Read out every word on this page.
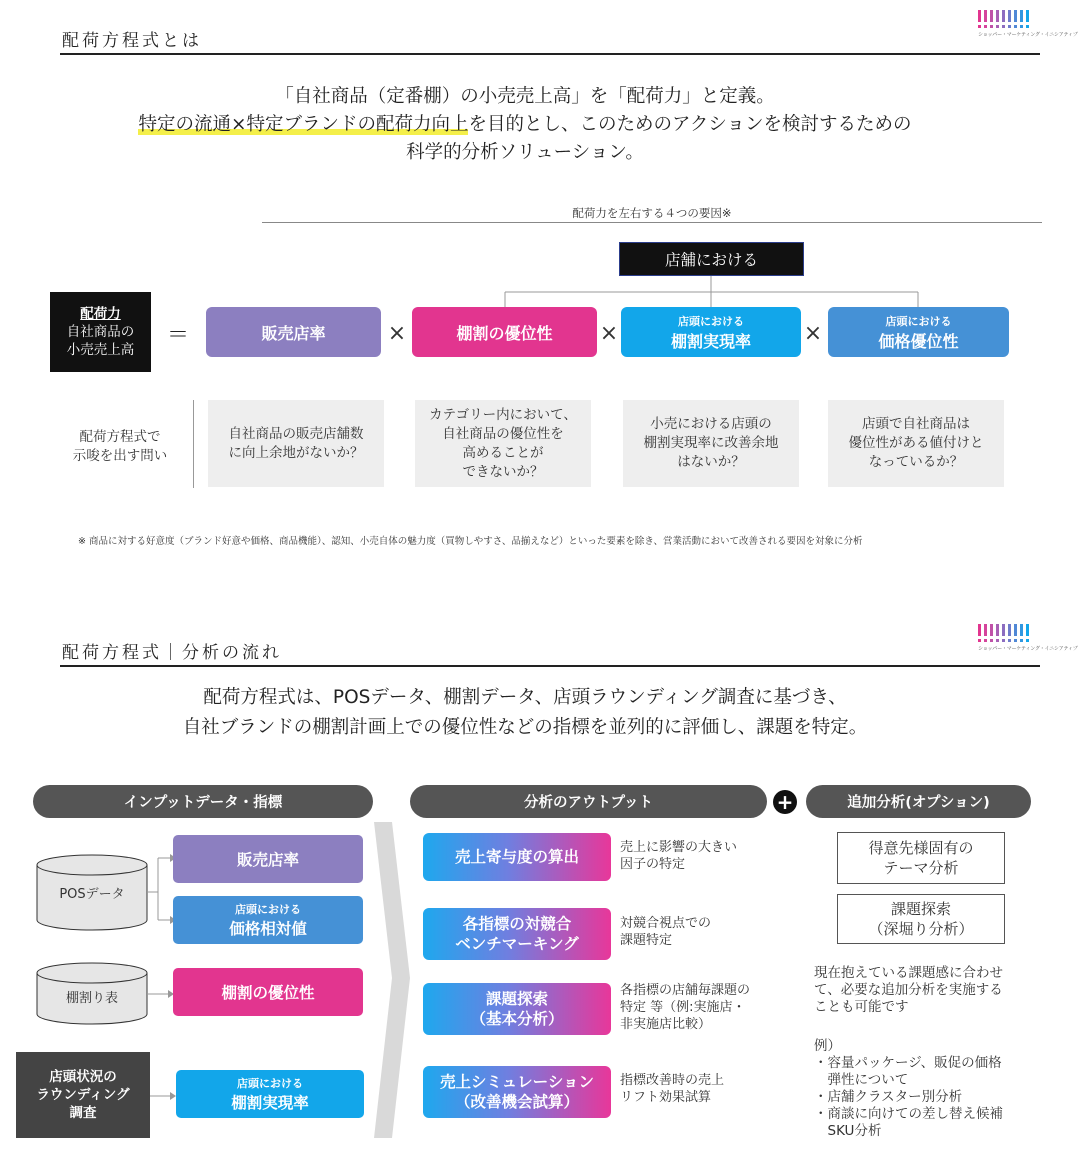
配荷方程式とは	ショッパー・マーケティング・イニシアティブ
「自社商品（定番棚）の小売売上高」を「配荷力」と定義。
特定の流通×特定ブランドの配荷力向上を目的とし、このためのアクションを検討するための
科学的分析ソリューション。
配荷力を左右する４つの要因※
店舗における
配荷力
自社商品の
小売売上高
＝	販売店率	×	棚割の優位性 ×	店頭における
棚割実現率 ×	店頭における
価格優位性
配荷方程式で
示唆を出す問い
自社商品の販売店舗数
に向上余地がないか？
カテゴリー内において、
自社商品の優位性を
高めることが
できないか？
小売における店頭の
棚割実現率に改善余地
はないか？
店頭で自社商品は
優位性がある値付けと
なっているか？
※ 商品に対する好意度（ブランド好意や価格、商品機能）、認知、小売自体の魅力度（買物しやすさ、品揃えなど）といった要素を除き、営業活動において改善される要因を対象に分析
配荷方程式｜分析の流れ	ショッパー・マーケティング・イニシアティブ
配荷方程式は、POSデータ、棚割データ、店頭ラウンディング調査に基づき、
自社ブランドの棚割計画上での優位性などの指標を並列的に評価し、課題を特定。
インプットデータ・指標	分析のアウトプット	+	追加分析(オプション)
POSデータ
棚割り表
店頭状況の
ラウンディング
調査
販売店率
店頭における
価格相対値
棚割の優位性
店頭における
棚割実現率
売上寄与度の算出
売上に影響の大きい
因子の特定
各指標の対競合
ベンチマーキング
対競合視点での
課題特定
課題探索
（基本分析）
各指標の店舗毎課題の
特定 等（例:実施店・
非実施店比較）
売上シミュレーション
（改善機会試算）
指標改善時の売上
リフト効果試算
得意先様固有の
テーマ分析
課題探索
（深堀り分析）
現在抱えている課題感に合わせ
て、必要な追加分析を実施する
ことも可能です
例）
・容量パッケージ、販促の価格
　弾性について
・店舗クラスター別分析
・商談に向けての差し替え候補
　SKU分析
